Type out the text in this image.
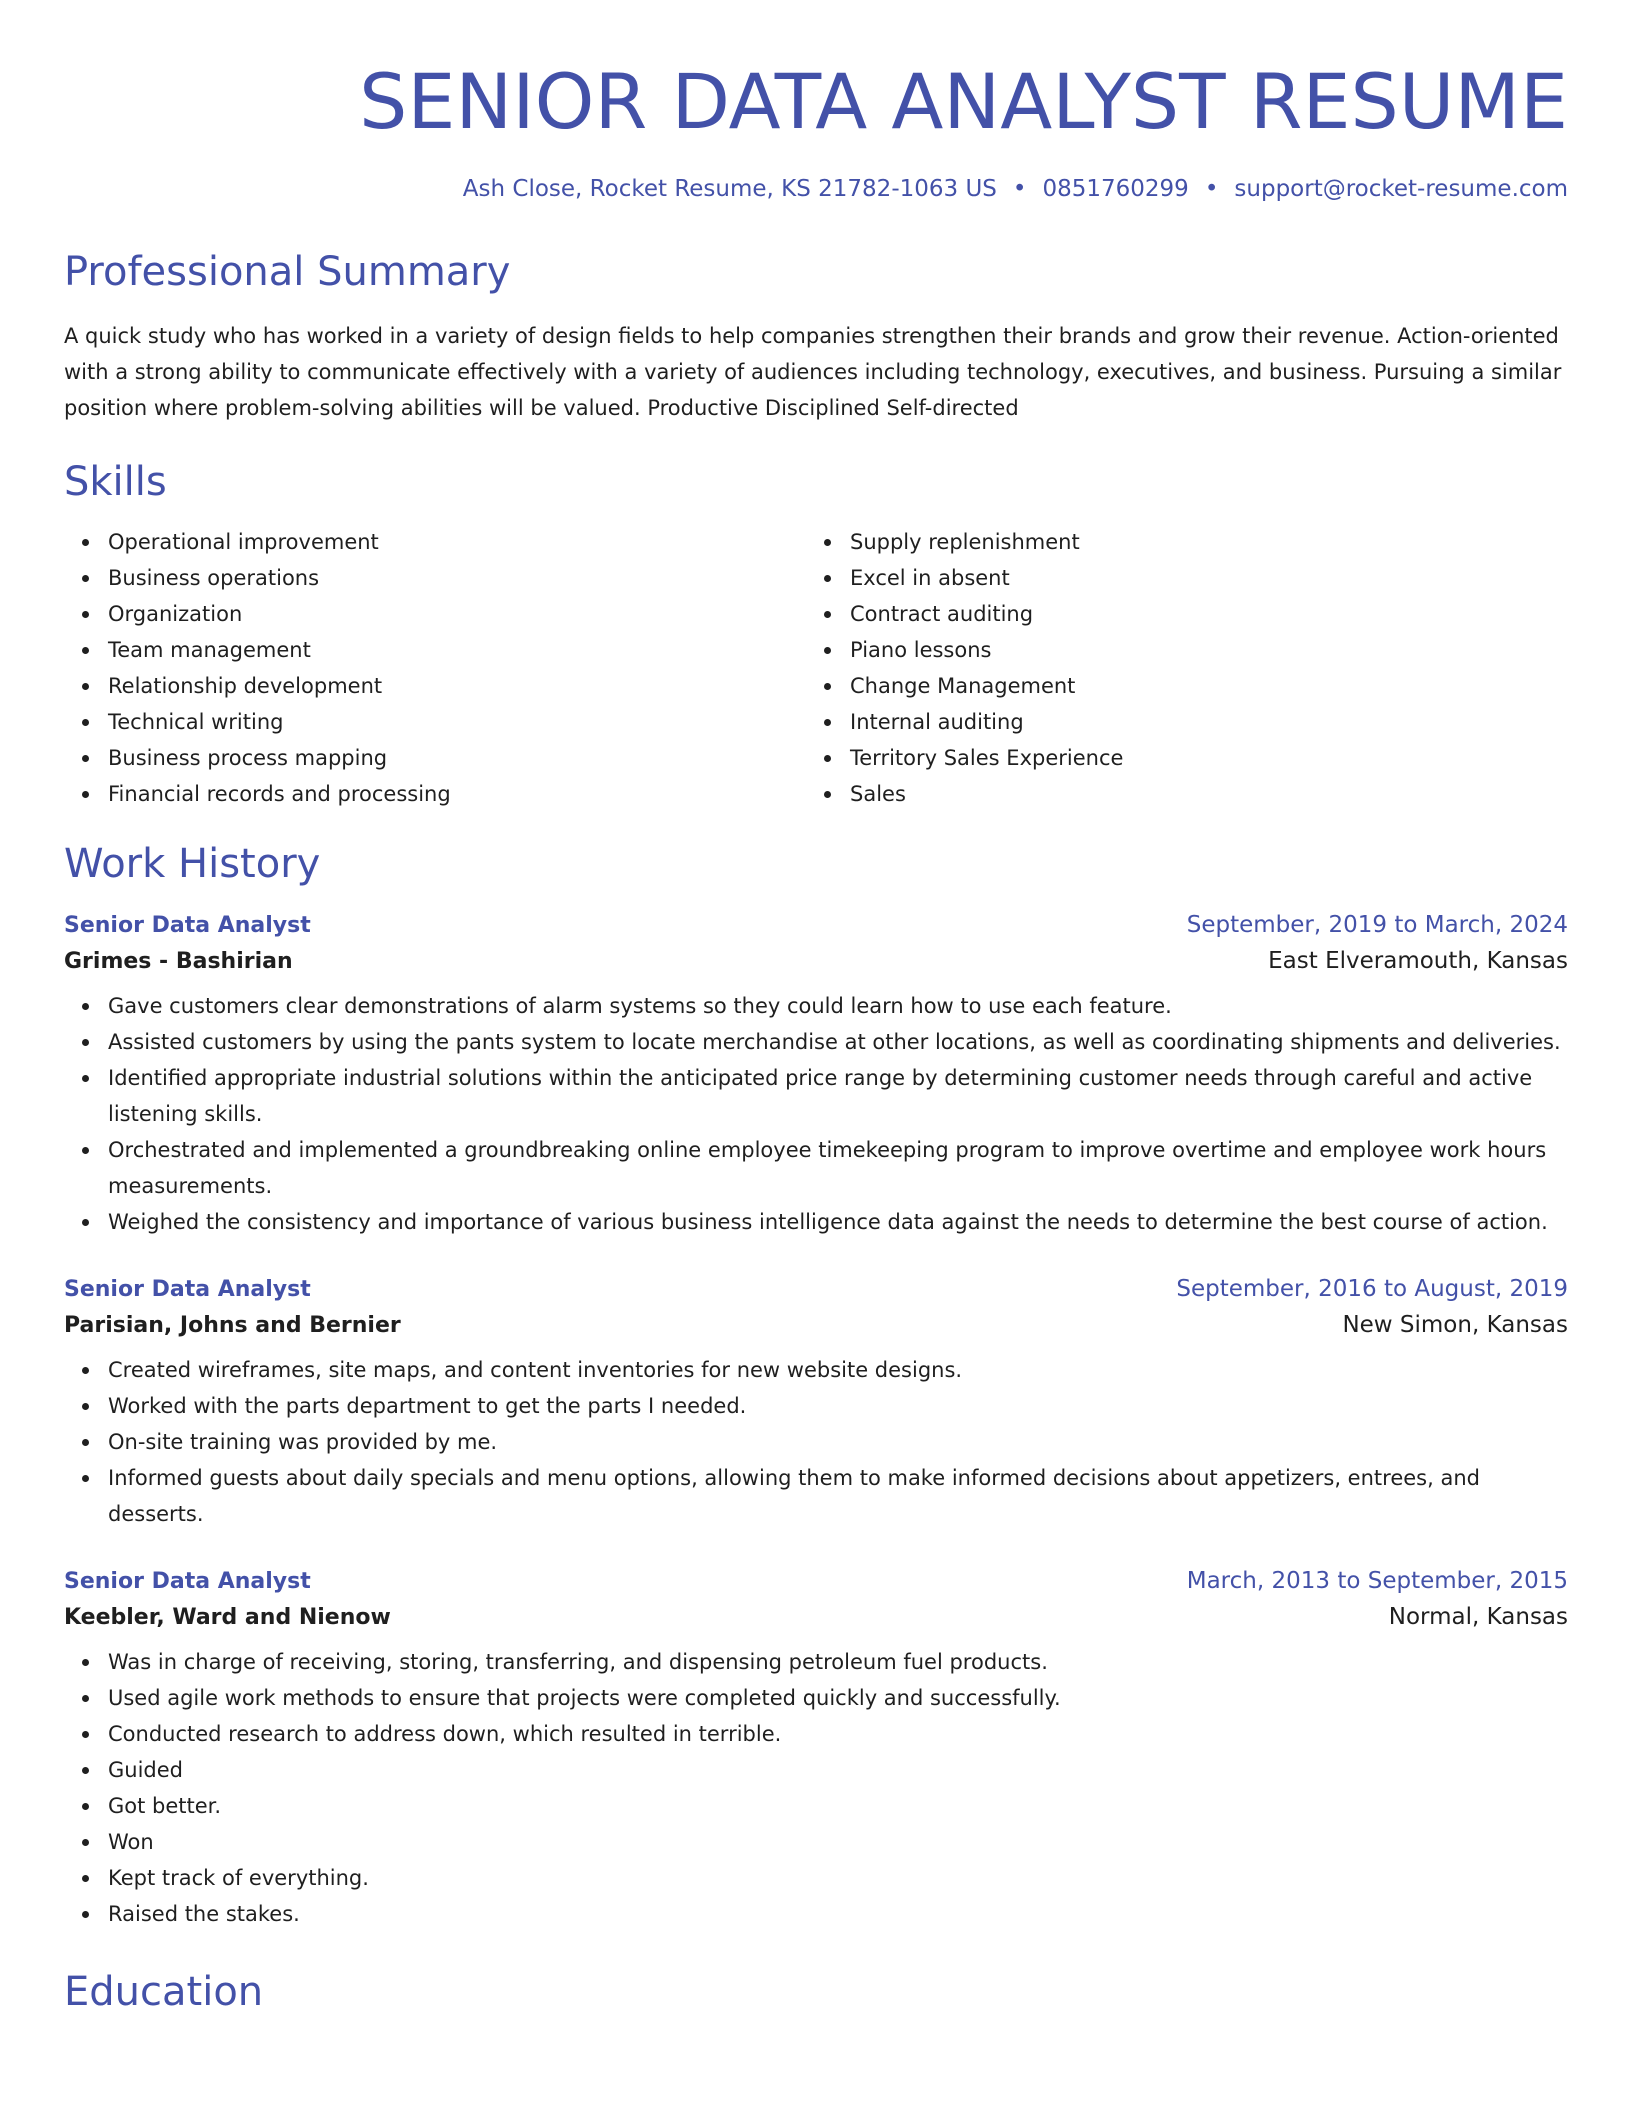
SENIOR DATA ANALYST RESUME
Ash Close, Rocket Resume, KS 21782-1063 US • 0851760299 • support@rocket-resume.com
Professional Summary
A quick study who has worked in a variety of design fields to help companies strengthen their brands and grow their revenue. Action-oriented with a strong ability to communicate effectively with a variety of audiences including technology, executives, and business. Pursuing a similar position where problem-solving abilities will be valued. Productive Disciplined Self-directed
Skills
Operational improvement
Business operations
Organization
Team management
Relationship development
Technical writing
Business process mapping
Financial records and processing
Supply replenishment
Excel in absent
Contract auditing
Piano lessons
Change Management
Internal auditing
Territory Sales Experience
Sales
Work History
Senior Data Analyst	September, 2019 to March, 2024
Grimes - Bashirian	East Elveramouth, Kansas
Gave customers clear demonstrations of alarm systems so they could learn how to use each feature.
Assisted customers by using the pants system to locate merchandise at other locations, as well as coordinating shipments and deliveries.
Identified appropriate industrial solutions within the anticipated price range by determining customer needs through careful and active listening skills.
Orchestrated and implemented a groundbreaking online employee timekeeping program to improve overtime and employee work hours measurements.
Weighed the consistency and importance of various business intelligence data against the needs to determine the best course of action.
Senior Data Analyst	September, 2016 to August, 2019
Parisian, Johns and Bernier	New Simon, Kansas
Created wireframes, site maps, and content inventories for new website designs.
Worked with the parts department to get the parts I needed.
On-site training was provided by me.
Informed guests about daily specials and menu options, allowing them to make informed decisions about appetizers, entrees, and desserts.
Senior Data Analyst	March, 2013 to September, 2015
Keebler, Ward and Nienow	Normal, Kansas
Was in charge of receiving, storing, transferring, and dispensing petroleum fuel products.
Used agile work methods to ensure that projects were completed quickly and successfully.
Conducted research to address down, which resulted in terrible.
Guided
Got better.
Won
Kept track of everything.
Raised the stakes.
Education
